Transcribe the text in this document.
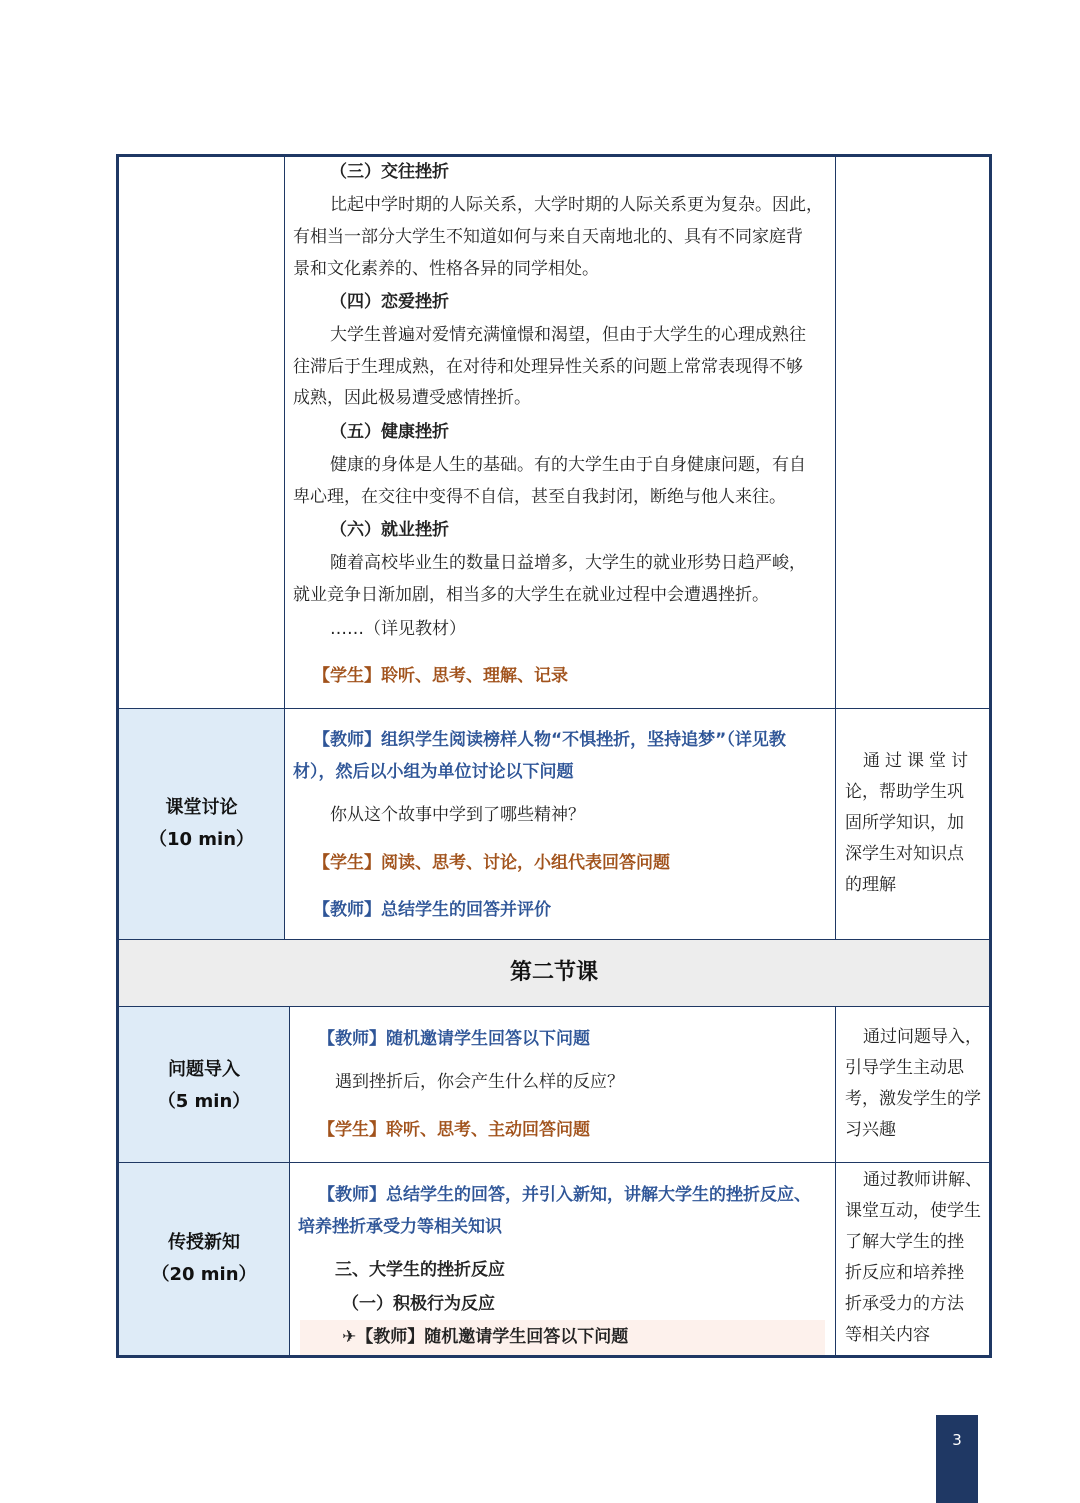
（三）交往挫折
比起中学时期的人际关系，大学时期的人际关系更为复杂。因此，
有相当一部分大学生不知道如何与来自天南地北的、具有不同家庭背
景和文化素养的、性格各异的同学相处。
（四）恋爱挫折
大学生普遍对爱情充满憧憬和渴望，但由于大学生的心理成熟往
往滞后于生理成熟，在对待和处理异性关系的问题上常常表现得不够
成熟，因此极易遭受感情挫折。
（五）健康挫折
健康的身体是人生的基础。有的大学生由于自身健康问题，有自
卑心理，在交往中变得不自信，甚至自我封闭，断绝与他人来往。
（六）就业挫折
随着高校毕业生的数量日益增多，大学生的就业形势日趋严峻，
就业竞争日渐加剧，相当多的大学生在就业过程中会遭遇挫折。
……（详见教材）
【学生】聆听、思考、理解、记录
课堂讨论
（10 min）
【教师】组织学生阅读榜样人物“不惧挫折，坚持追梦”（详见教
材），然后以小组为单位讨论以下问题
你从这个故事中学到了哪些精神？
【学生】阅读、思考、讨论，小组代表回答问题
【教师】总结学生的回答并评价
通过课堂讨
论，帮助学生巩
固所学知识，加
深学生对知识点
的理解
第二节课
问题导入
（5 min）
【教师】随机邀请学生回答以下问题
遇到挫折后，你会产生什么样的反应？
【学生】聆听、思考、主动回答问题
通过问题导入，
引导学生主动思
考，激发学生的学
习兴趣
传授新知
（20 min）
【教师】总结学生的回答，并引入新知，讲解大学生的挫折反应、
培养挫折承受力等相关知识
三、大学生的挫折反应
（一）积极行为反应
✈【教师】随机邀请学生回答以下问题
通过教师讲解、
课堂互动，使学生
了解大学生的挫
折反应和培养挫
折承受力的方法
等相关内容
3
